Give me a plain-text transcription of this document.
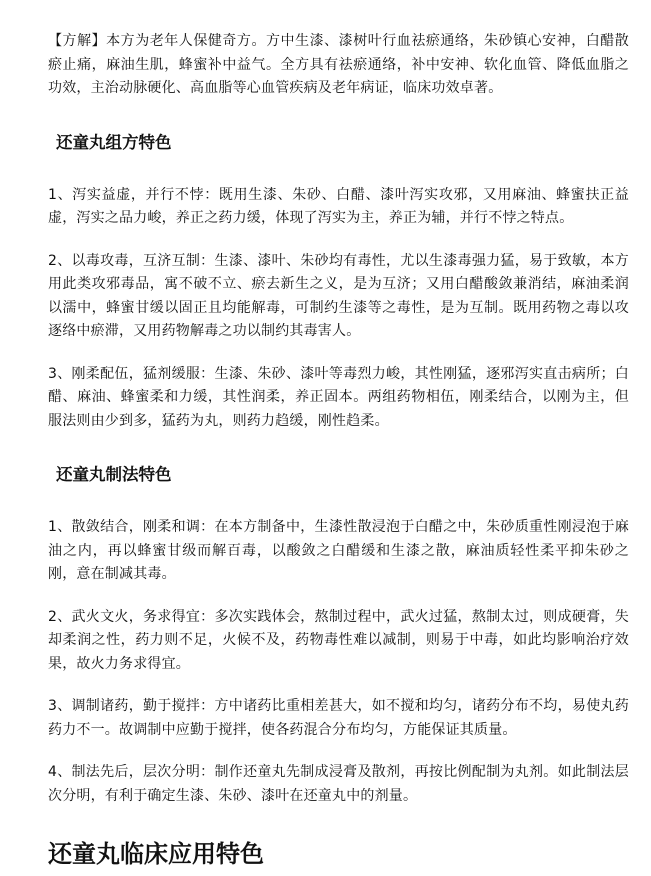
【方解】本方为老年人保健奇方。方中生漆、漆树叶行血祛瘀通络，朱砂镇心安神，白醋散瘀止痛，麻油生肌，蜂蜜补中益气。全方具有祛瘀通络，补中安神、软化血管、降低血脂之功效，主治动脉硬化、高血脂等心血管疾病及老年病证，临床功效卓著。

还童丸组方特色

1、泻实益虚，并行不悖：既用生漆、朱砂、白醋、漆叶泻实攻邪，又用麻油、蜂蜜扶正益虚，泻实之品力峻，养正之药力缓，体现了泻实为主，养正为辅，并行不悖之特点。

2、以毒攻毒，互济互制：生漆、漆叶、朱砂均有毒性，尤以生漆毒强力猛，易于致敏，本方用此类攻邪毒品，寓不破不立、瘀去新生之义，是为互济；又用白醋酸敛兼消结，麻油柔润以濡中，蜂蜜甘缓以固正且均能解毒，可制约生漆等之毒性，是为互制。既用药物之毒以攻逐络中瘀滞，又用药物解毒之功以制约其毒害人。

3、刚柔配伍，猛剂缓服：生漆、朱砂、漆叶等毒烈力峻，其性刚猛，逐邪泻实直击病所；白醋、麻油、蜂蜜柔和力缓，其性润柔，养正固本。两组药物相伍，刚柔结合，以刚为主，但服法则由少到多，猛药为丸，则药力趋缓，刚性趋柔。

还童丸制法特色

1、散敛结合，刚柔和调：在本方制备中，生漆性散浸泡于白醋之中，朱砂质重性刚浸泡于麻油之内，再以蜂蜜甘级而解百毒，以酸敛之白醋缓和生漆之散，麻油质轻性柔平抑朱砂之刚，意在制减其毒。

2、武火文火，务求得宜：多次实践体会，熬制过程中，武火过猛，熬制太过，则成硬膏，失却柔润之性，药力则不足，火候不及，药物毒性难以减制，则易于中毒，如此均影响治疗效果，故火力务求得宜。

3、调制诸药，勤于搅拌：方中诸药比重相差甚大，如不搅和均匀，诸药分布不均，易使丸药药力不一。故调制中应勤于搅拌，使各药混合分布均匀，方能保证其质量。

4、制法先后，层次分明：制作还童丸先制成浸膏及散剂，再按比例配制为丸剂。如此制法层次分明，有利于确定生漆、朱砂、漆叶在还童丸中的剂量。

还童丸临床应用特色
